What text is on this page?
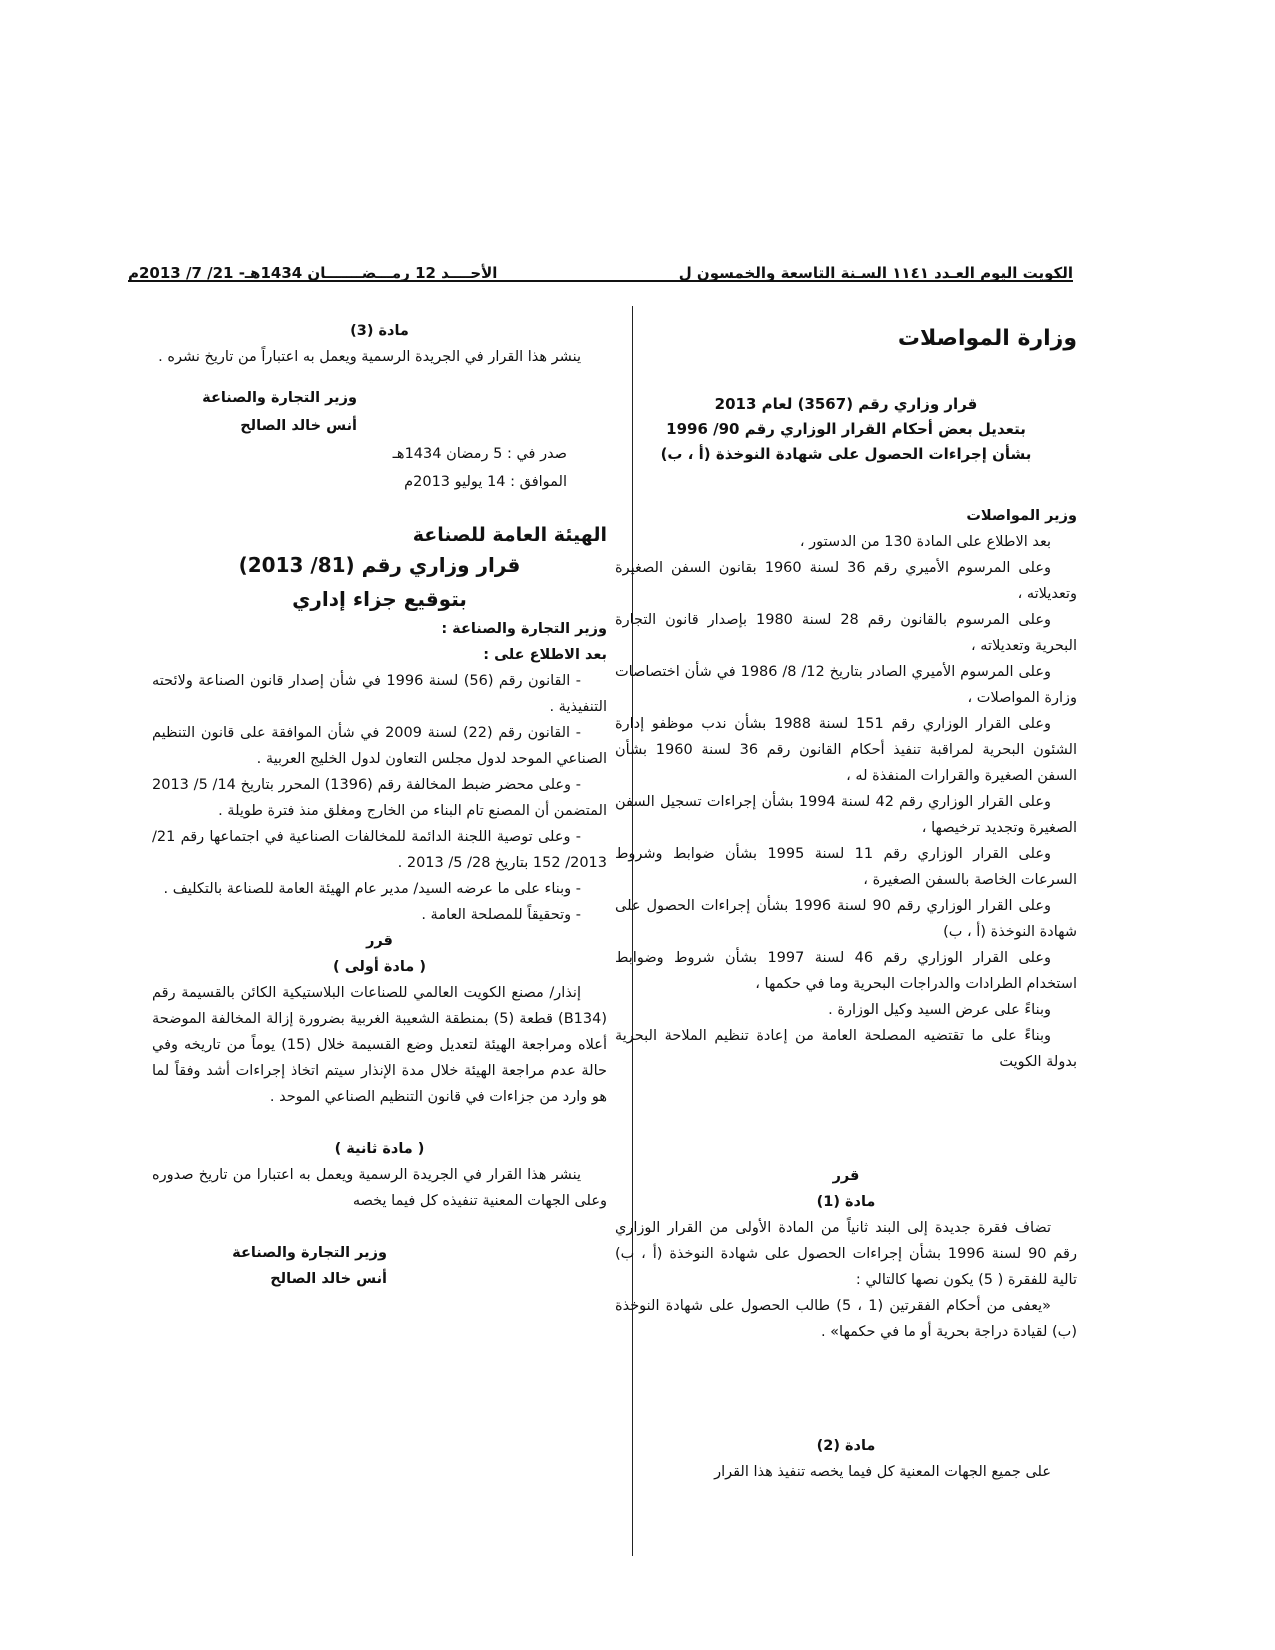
الكويت اليوم العـدد ١١٤١ السـنة التاسعة والخمسون ل
الأحــــد 12 رمـــضـــــــان 1434هـ- 21/ 7/ 2013م
وزارة المواصلات
قرار وزاري رقم (3567) لعام 2013
بتعديل بعض أحكام القرار الوزاري رقم 90/ 1996
بشأن إجراءات الحصول على شهادة النوخذة (أ ، ب)
وزير المواصلات

بعد الاطلاع على المادة 130 من الدستور ،

وعلى المرسوم الأميري رقم 36 لسنة 1960 بقانون السفن الصغيرة وتعديلاته ،

وعلى المرسوم بالقانون رقم 28 لسنة 1980 بإصدار قانون التجارة البحرية وتعديلاته ،

وعلى المرسوم الأميري الصادر بتاريخ 12/ 8/ 1986 في شأن اختصاصات وزارة المواصلات ،

وعلى القرار الوزاري رقم 151 لسنة 1988 بشأن ندب موظفو إدارة الشئون البحرية لمراقبة تنفيذ أحكام القانون رقم 36 لسنة 1960 بشأن السفن الصغيرة والقرارات المنفذة له ،

وعلى القرار الوزاري رقم 42 لسنة 1994 بشأن إجراءات تسجيل السفن الصغيرة وتجديد ترخيصها ،

وعلى القرار الوزاري رقم 11 لسنة 1995 بشأن ضوابط وشروط السرعات الخاصة بالسفن الصغيرة ،

وعلى القرار الوزاري رقم 90 لسنة 1996 بشأن إجراءات الحصول على شهادة النوخذة (أ ، ب)

وعلى القرار الوزاري رقم 46 لسنة 1997 بشأن شروط وضوابط استخدام الطرادات والدراجات البحرية وما في حكمها ،

وبناءً على عرض السيد وكيل الوزارة .

وبناءً على ما تقتضيه المصلحة العامة من إعادة تنظيم الملاحة البحرية بدولة الكويت

قرر
مادة (1)

تضاف فقرة جديدة إلى البند ثانياً من المادة الأولى من القرار الوزاري رقم 90 لسنة 1996 بشأن إجراءات الحصول على شهادة النوخذة (أ ، ب) تالية للفقرة ( 5) يكون نصها كالتالي :

«يعفى من أحكام الفقرتين (1 ، 5) طالب الحصول على شهادة النوخذة (ب) لقيادة دراجة بحرية أو ما في حكمها» .

مادة (2)

على جميع الجهات المعنية كل فيما يخصه تنفيذ هذا القرار

مادة (3)

ينشر هذا القرار في الجريدة الرسمية ويعمل به اعتباراً من تاريخ نشره .

وزير التجارة والصناعة
أنس خالد الصالح
صدر في : 5 رمضان 1434هـ
الموافق : 14 يوليو 2013م
الهيئة العامة للصناعة
قرار وزاري رقم (81/ 2013)
بتوقيع جزاء إداري
وزير التجارة والصناعة :
بعد الاطلاع على :

- القانون رقم (56) لسنة 1996 في شأن إصدار قانون الصناعة ولائحته التنفيذية .

- القانون رقم (22) لسنة 2009 في شأن الموافقة على قانون التنظيم الصناعي الموحد لدول مجلس التعاون لدول الخليج العربية .

- وعلى محضر ضبط المخالفة رقم (1396) المحرر بتاريخ 14/ 5/ 2013 المتضمن أن المصنع تام البناء من الخارج ومغلق منذ فترة طويلة .

- وعلى توصية اللجنة الدائمة للمخالفات الصناعية في اجتماعها رقم 21/ 2013/ 152 بتاريخ 28/ 5/ 2013 .

- وبناء على ما عرضه السيد/ مدير عام الهيئة العامة للصناعة بالتكليف .

- وتحقيقاً للمصلحة العامة .

قرر
( مادة أولى )

إنذار/ مصنع الكويت العالمي للصناعات البلاستيكية الكائن بالقسيمة رقم (B134) قطعة (5) بمنطقة الشعيبة الغربية بضرورة إزالة المخالفة الموضحة أعلاه ومراجعة الهيئة لتعديل وضع القسيمة خلال (15) يوماً من تاريخه وفي حالة عدم مراجعة الهيئة خلال مدة الإنذار سيتم اتخاذ إجراءات أشد وفقاً لما هو وارد من جزاءات في قانون التنظيم الصناعي الموحد .

( مادة ثانية )

ينشر هذا القرار في الجريدة الرسمية ويعمل به اعتبارا من تاريخ صدوره وعلى الجهات المعنية تنفيذه كل فيما يخصه

وزير التجارة والصناعة
أنس خالد الصالح
